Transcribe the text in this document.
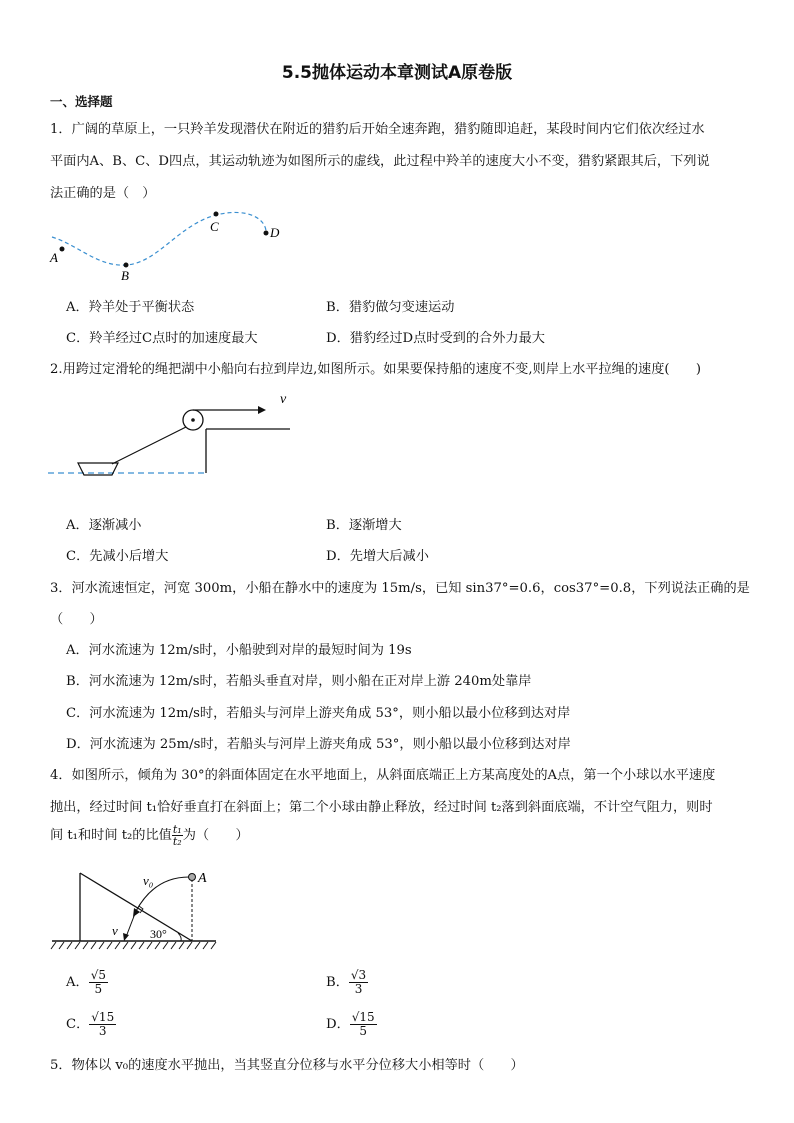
5.5抛体运动本章测试A原卷版
一、选择题
1．广阔的草原上，一只羚羊发现潜伏在附近的猎豹后开始全速奔跑，猎豹随即追赶，某段时间内它们依次经过水
平面内A、B、C、D四点，其运动轨迹为如图所示的虚线，此过程中羚羊的速度大小不变，猎豹紧跟其后，下列说
法正确的是（　）
A
B
C	D
A．羚羊处于平衡状态	B．猎豹做匀变速运动
C．羚羊经过C点时的加速度最大	D．猎豹经过D点时受到的合外力最大
2.用跨过定滑轮的绳把湖中小船向右拉到岸边,如图所示。如果要保持船的速度不变,则岸上水平拉绳的速度(　　)
v
A．逐渐减小	B．逐渐增大
C．先减小后增大	D．先增大后减小
3．河水流速恒定，河宽 300m，小船在静水中的速度为 15m/s，已知 sin37°=0.6，cos37°=0.8，下列说法正确的是
（　　）
A．河水流速为 12m/s时，小船驶到对岸的最短时间为 19s
B．河水流速为 12m/s时，若船头垂直对岸，则小船在正对岸上游 240m处靠岸
C．河水流速为 12m/s时，若船头与河岸上游夹角成 53°，则小船以最小位移到达对岸
D．河水流速为 25m/s时，若船头与河岸上游夹角成 53°，则小船以最小位移到达对岸
4．如图所示，倾角为 30°的斜面体固定在水平地面上，从斜面底端正上方某高度处的A点，第一个小球以水平速度
抛出，经过时间 t₁恰好垂直打在斜面上；第二个小球由静止释放，经过时间 t₂落到斜面底端，不计空气阻力，则时
间 t₁和时间 t₂的比值 $\frac{\text{t₁}}{\text{t₂}}$ 为（　　）
v₀	A
v	30°
A． $\frac{√5}{5}$	B． $\frac{√3}{3}$
C． $\frac{√15}{3}$	D． $\frac{√15}{5}$
5．物体以 v₀的速度水平抛出，当其竖直分位移与水平分位移大小相等时（　　）
